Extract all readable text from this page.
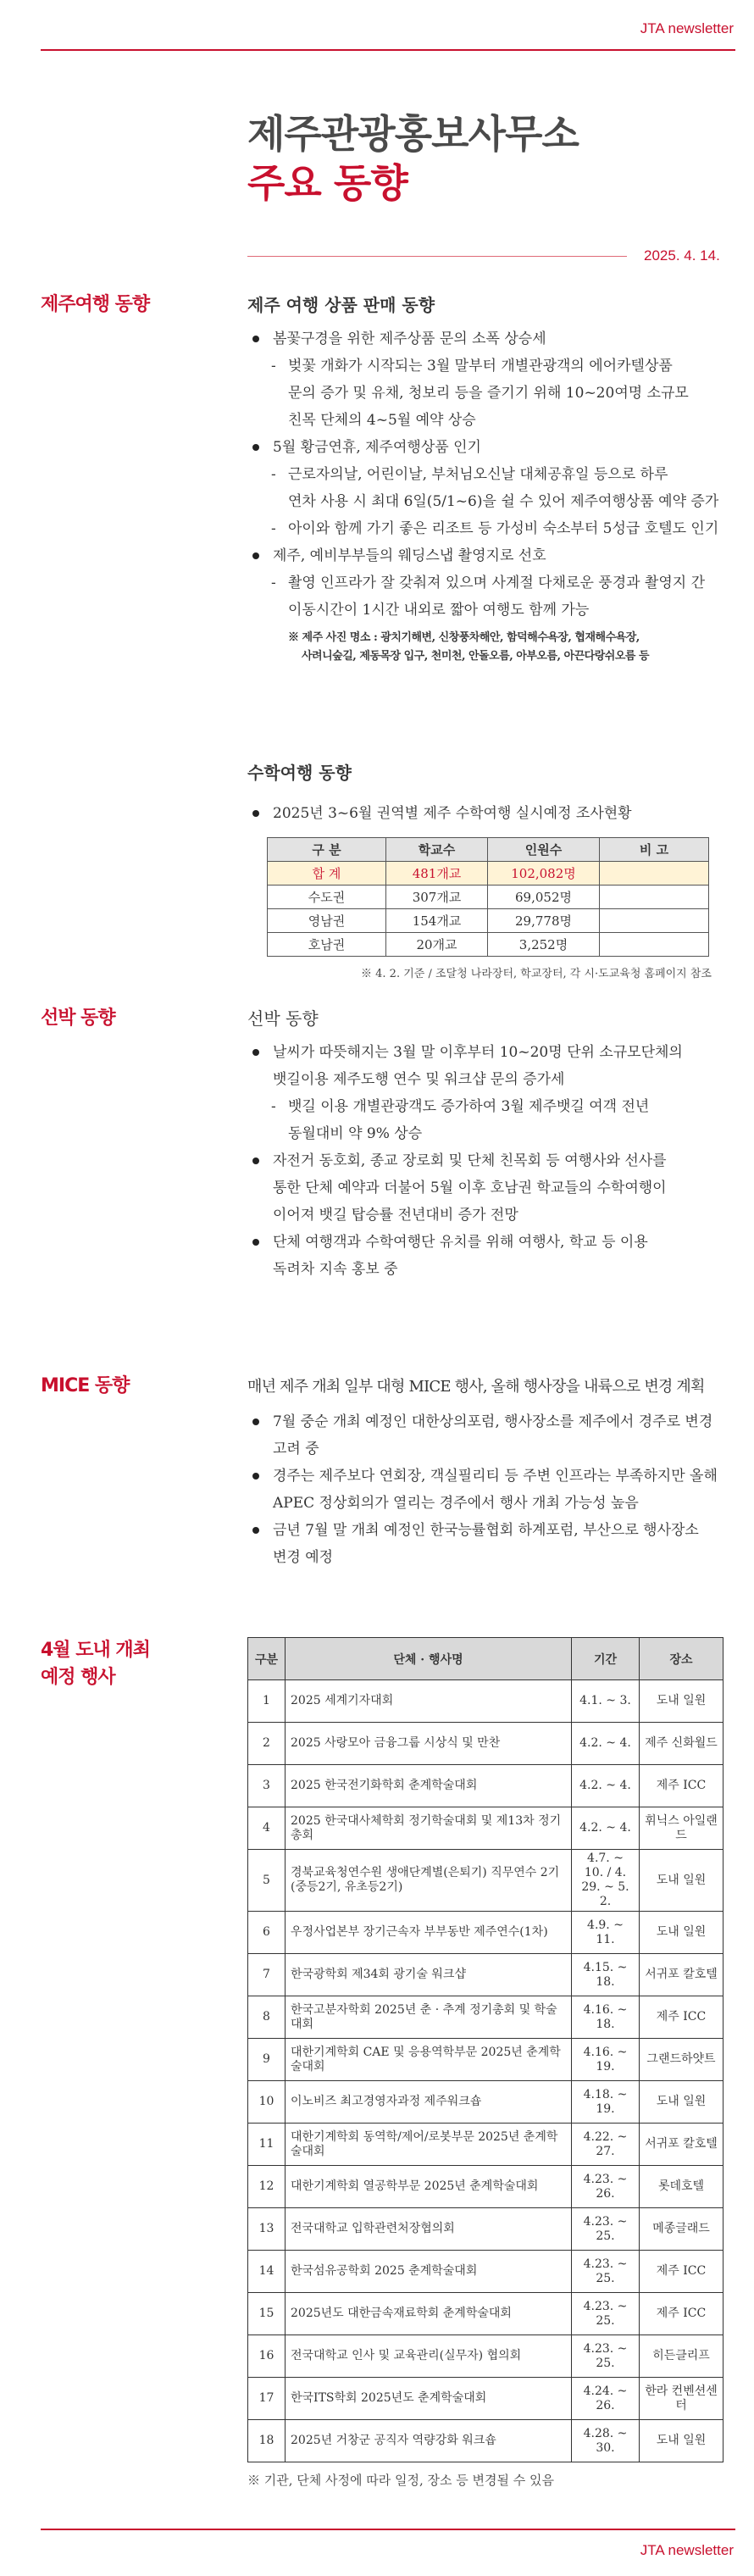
JTA newsletter
제주관광홍보사무소
주요 동향
2025. 4. 14.
제주여행 동향	제주 여행 상품 판매 동향
봄꽃구경을 위한 제주상품 문의 소폭 상승세
- 벚꽃 개화가 시작되는 3월 말부터 개별관광객의 에어카텔상품
문의 증가 및 유채, 청보리 등을 즐기기 위해 10~20여명 소규모
친목 단체의 4~5월 예약 상승
5월 황금연휴, 제주여행상품 인기
- 근로자의날, 어린이날, 부처님오신날 대체공휴일 등으로 하루
연차 사용 시 최대 6일(5/1~6)을 쉴 수 있어 제주여행상품 예약 증가
- 아이와 함께 가기 좋은 리조트 등 가성비 숙소부터 5성급 호텔도 인기
제주, 예비부부들의 웨딩스냅 촬영지로 선호
- 촬영 인프라가 잘 갖춰져 있으며 사계절 다채로운 풍경과 촬영지 간
이동시간이 1시간 내외로 짧아 여행도 함께 가능
※ 제주 사진 명소 : 광치기해변, 신창풍차해안, 함덕해수욕장, 협재해수욕장,
사려니숲길, 제동목장 입구, 천미천, 안돌오름, 아부오름, 아끈다랑쉬오름 등
수학여행 동향
2025년 3~6월 권역별 제주 수학여행 실시예정 조사현황
구 분	학교수	인원수	비 고
합 계	481개교	102,082명	
수도권	307개교	69,052명	
영남권	154개교	29,778명	
호남권	20개교	3,252명	
※ 4. 2. 기준 / 조달청 나라장터, 학교장터, 각 시·도교육청 홈페이지 참조
선박 동향	선박 동향
날씨가 따뜻해지는 3월 말 이후부터 10~20명 단위 소규모단체의
뱃길이용 제주도행 연수 및 워크샵 문의 증가세
- 뱃길 이용 개별관광객도 증가하여 3월 제주뱃길 여객 전년
동월대비 약 9% 상승
자전거 동호회, 종교 장로회 및 단체 친목회 등 여행사와 선사를
통한 단체 예약과 더불어 5월 이후 호남권 학교들의 수학여행이
이어져 뱃길 탑승률 전년대비 증가 전망
단체 여행객과 수학여행단 유치를 위해 여행사, 학교 등 이용
독려차 지속 홍보 중
MICE 동향	매년 제주 개최 일부 대형 MICE 행사, 올해 행사장을 내륙으로 변경 계획
7월 중순 개최 예정인 대한상의포럼, 행사장소를 제주에서 경주로 변경
고려 중
경주는 제주보다 연회장, 객실필리티 등 주변 인프라는 부족하지만 올해
APEC 정상회의가 열리는 경주에서 행사 개최 가능성 높음
금년 7월 말 개최 예정인 한국능률협회 하계포럼, 부산으로 행사장소
변경 예정
4월 도내 개최
예정 행사
구분	단체 · 행사명	기간	장소
1	2025 세계기자대회	4.1. ~ 3.	도내 일원
2	2025 사랑모아 금융그룹 시상식 및 만찬	4.2. ~ 4.	제주 신화월드
3	2025 한국전기화학회 춘계학술대회	4.2. ~ 4.	제주 ICC
4	2025 한국대사체학회 정기학술대회 및 제13차 정기총회	4.2. ~ 4.	휘닉스 아일랜드
5	경북교육청연수원 생애단계별(은퇴기) 직무연수 2기(중등2기, 유초등2기)	4.7. ~ 10. / 4. 29. ~ 5. 2.	도내 일원
6	우정사업본부 장기근속자 부부동반 제주연수(1차)	4.9. ~ 11.	도내 일원
7	한국광학회 제34회 광기술 워크샵	4.15. ~ 18.	서귀포 칼호텔
8	한국고분자학회 2025년 춘 · 추계 정기총회 및 학술대회	4.16. ~ 18.	제주 ICC
9	대한기계학회 CAE 및 응용역학부문 2025년 춘계학술대회	4.16. ~ 19.	그랜드하얏트
10	이노비즈 최고경영자과정 제주워크숍	4.18. ~ 19.	도내 일원
11	대한기계학회 동역학/제어/로봇부문 2025년 춘계학술대회	4.22. ~ 27.	서귀포 칼호텔
12	대한기계학회 열공학부문 2025년 춘계학술대회	4.23. ~ 26.	롯데호텔
13	전국대학교 입학관련처장협의회	4.23. ~ 25.	메종글래드
14	한국섬유공학회 2025 춘계학술대회	4.23. ~ 25.	제주 ICC
15	2025년도 대한금속재료학회 춘계학술대회	4.23. ~ 25.	제주 ICC
16	전국대학교 인사 및 교육관리(실무자) 협의회	4.23. ~ 25.	히든클리프
17	한국ITS학회 2025년도 춘계학술대회	4.24. ~ 26.	한라 컨벤션센터
18	2025년 거창군 공직자 역량강화 워크숍	4.28. ~ 30.	도내 일원
※ 기관, 단체 사정에 따라 일정, 장소 등 변경될 수 있음
JTA newsletter
